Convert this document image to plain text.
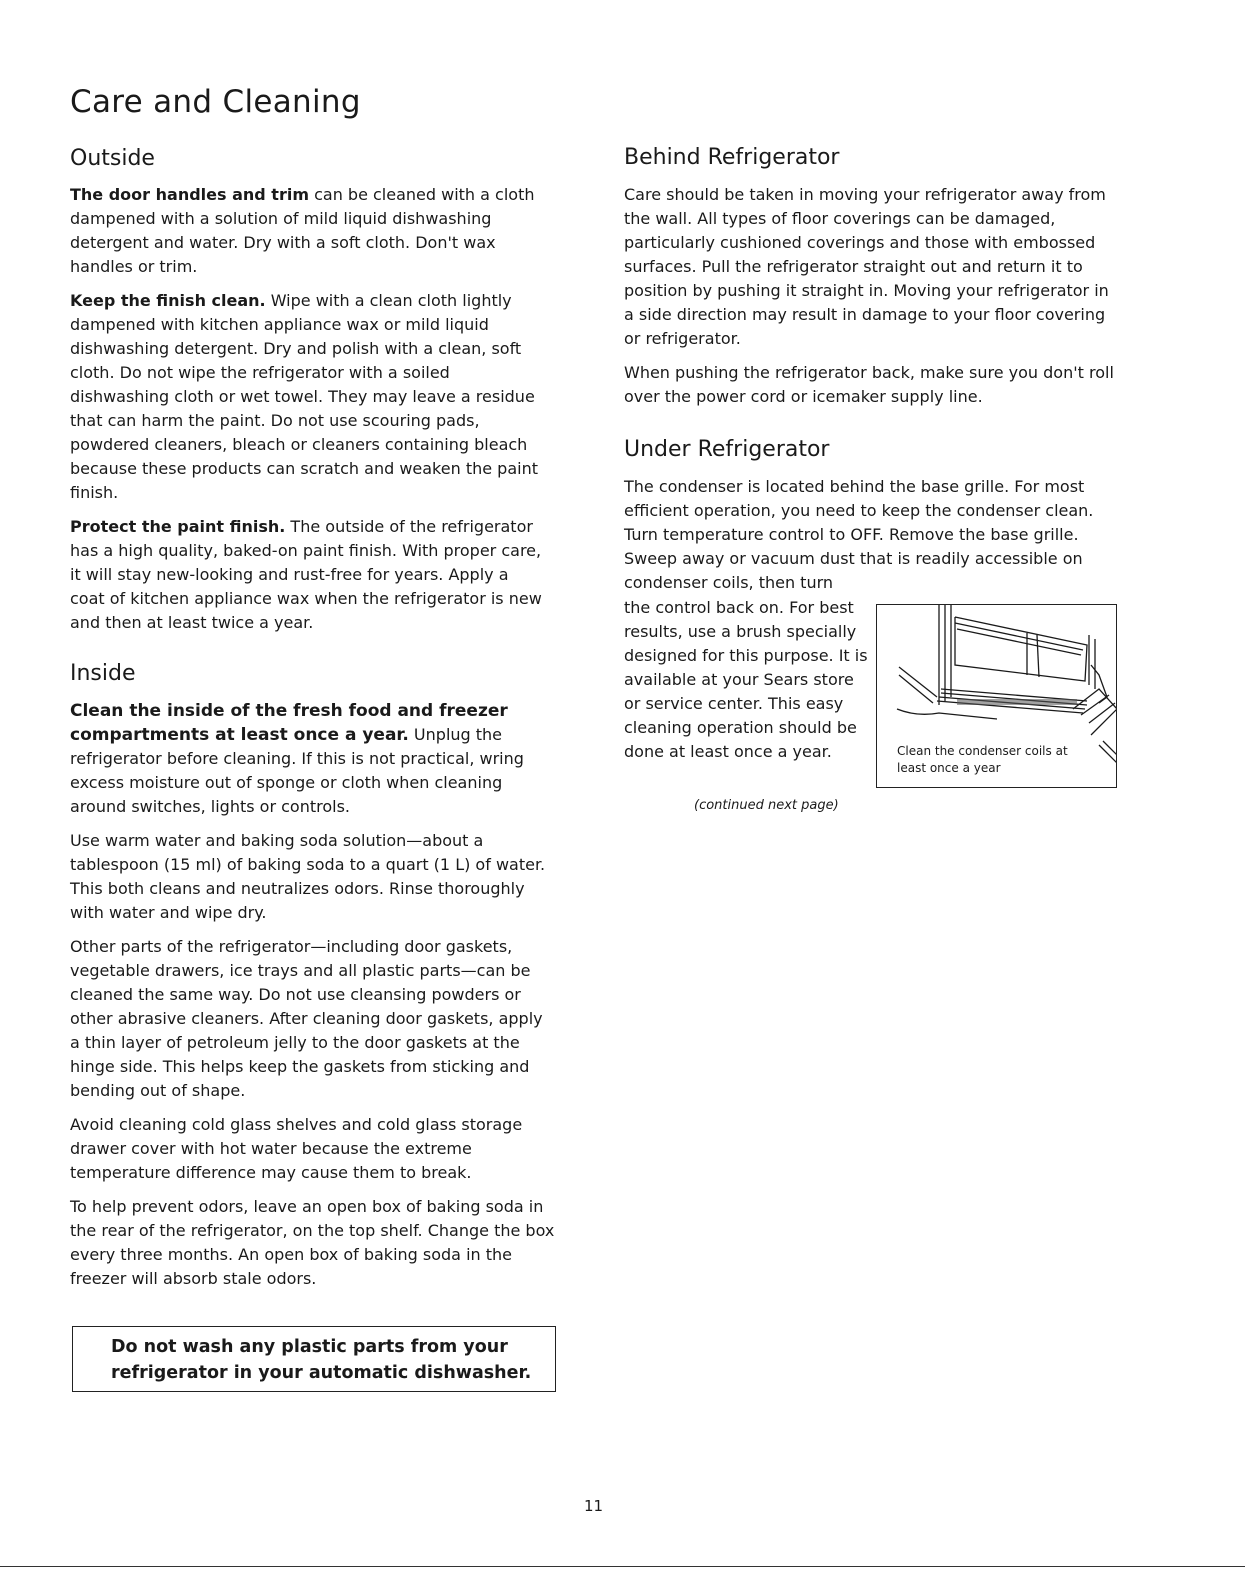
Care and Cleaning
Outside

The door handles and trim can be cleaned with a cloth dampened with a solution of mild liquid dishwashing detergent and water. Dry with a soft cloth. Don't wax handles or trim.

Keep the finish clean. Wipe with a clean cloth lightly dampened with kitchen appliance wax or mild liquid dishwashing detergent. Dry and polish with a clean, soft cloth. Do not wipe the refrigerator with a soiled dishwashing cloth or wet towel. They may leave a residue that can harm the paint. Do not use scouring pads, powdered cleaners, bleach or cleaners containing bleach because these products can scratch and weaken the paint finish.

Protect the paint finish. The outside of the refrigerator has a high quality, baked-on paint finish. With proper care, it will stay new-looking and rust-free for years. Apply a coat of kitchen appliance wax when the refrigerator is new and then at least twice a year.

Inside

Clean the inside of the fresh food and freezer compartments at least once a year. Unplug the refrigerator before cleaning. If this is not practical, wring excess moisture out of sponge or cloth when cleaning around switches, lights or controls.

Use warm water and baking soda solution—about a tablespoon (15 ml) of baking soda to a quart (1 L) of water. This both cleans and neutralizes odors. Rinse thoroughly with water and wipe dry.

Other parts of the refrigerator—including door gaskets, vegetable drawers, ice trays and all plastic parts—can be cleaned the same way. Do not use cleansing powders or other abrasive cleaners. After cleaning door gaskets, apply a thin layer of petroleum jelly to the door gaskets at the hinge side. This helps keep the gaskets from sticking and bending out of shape.

Avoid cleaning cold glass shelves and cold glass storage drawer cover with hot water because the extreme temperature difference may cause them to break.

To help prevent odors, leave an open box of baking soda in the rear of the refrigerator, on the top shelf. Change the box every three months. An open box of baking soda in the freezer will absorb stale odors.

Do not wash any plastic parts from your refrigerator in your automatic dishwasher.
Behind Refrigerator

Care should be taken in moving your refrigerator away from the wall. All types of floor coverings can be damaged, particularly cushioned coverings and those with embossed surfaces. Pull the refrigerator straight out and return it to position by pushing it straight in. Moving your refrigerator in a side direction may result in damage to your floor covering or refrigerator.

When pushing the refrigerator back, make sure you don't roll over the power cord or icemaker supply line.

Under Refrigerator

The condenser is located behind the base grille. For most efficient operation, you need to keep the condenser clean. Turn temperature control to OFF. Remove the base grille. Sweep away or vacuum dust that is readily accessible on condenser coils, then turn

the control back on. For best results, use a brush specially designed for this purpose. It is available at your Sears store or service center. This easy cleaning operation should be done at least once a year.	Clean the condenser coils at least once a year
(continued next page)
11
